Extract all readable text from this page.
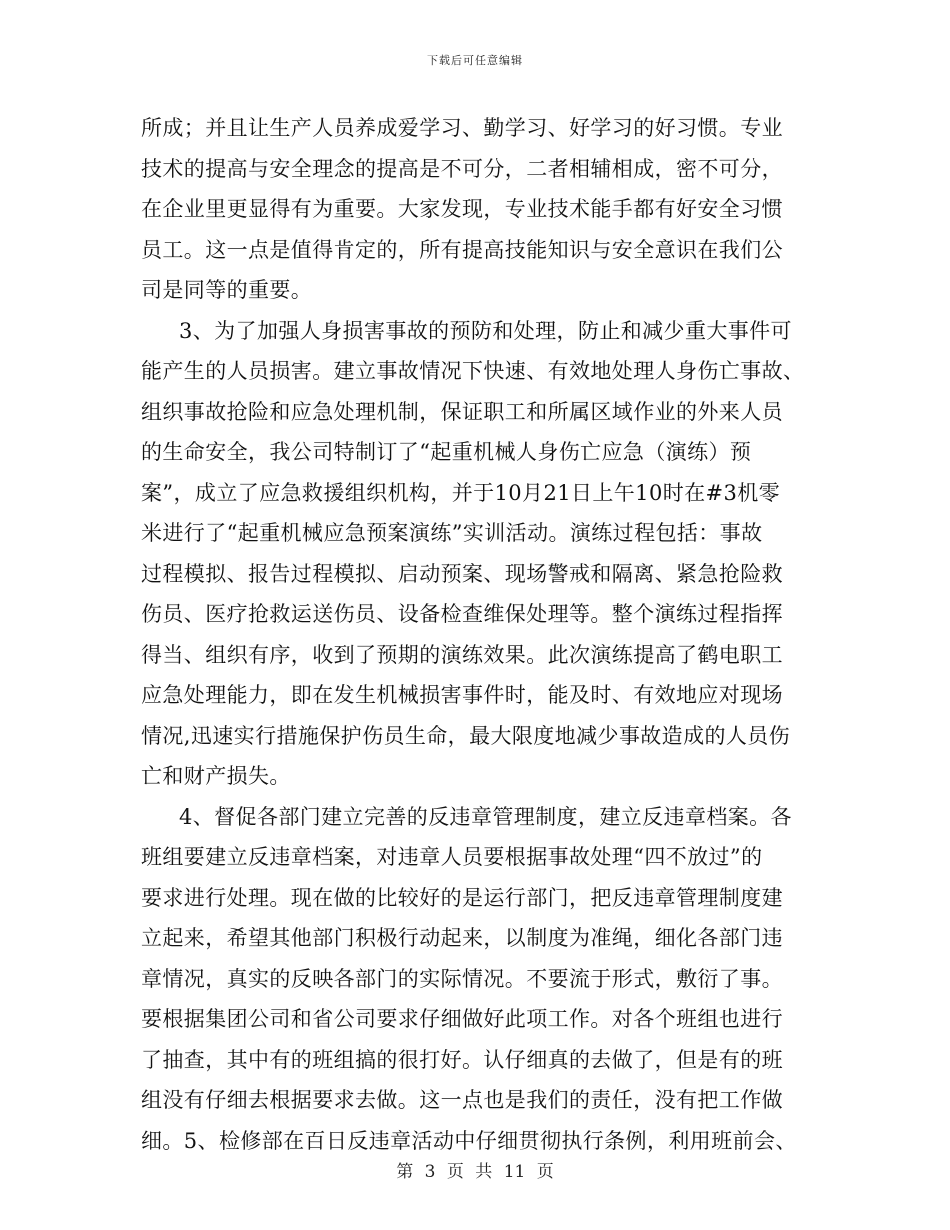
下载后可任意编辑
所成；并且让生产人员养成爱学习、勤学习、好学习的好习惯。专业
技术的提高与安全理念的提高是不可分，二者相辅相成，密不可分，
在企业里更显得有为重要。大家发现，专业技术能手都有好安全习惯
员工。这一点是值得肯定的，所有提高技能知识与安全意识在我们公
司是同等的重要。
3、为了加强人身损害事故的预防和处理，防止和减少重大事件可
能产生的人员损害。建立事故情况下快速、有效地处理人身伤亡事故、
组织事故抢险和应急处理机制，保证职工和所属区域作业的外来人员
的生命安全，我公司特制订了“起重机械人身伤亡应急（演练）预
案”，成立了应急救援组织机构，并于10月21日上午10时在#3机零
米进行了“起重机械应急预案演练”实训活动。演练过程包括：事故
过程模拟、报告过程模拟、启动预案、现场警戒和隔离、紧急抢险救
伤员、医疗抢救运送伤员、设备检查维保处理等。整个演练过程指挥
得当、组织有序，收到了预期的演练效果。此次演练提高了鹤电职工
应急处理能力，即在发生机械损害事件时，能及时、有效地应对现场
情况,迅速实行措施保护伤员生命，最大限度地减少事故造成的人员伤
亡和财产损失。
4、督促各部门建立完善的反违章管理制度，建立反违章档案。各
班组要建立反违章档案，对违章人员要根据事故处理“四不放过”的
要求进行处理。现在做的比较好的是运行部门，把反违章管理制度建
立起来，希望其他部门积极行动起来，以制度为准绳，细化各部门违
章情况，真实的反映各部门的实际情况。不要流于形式，敷衍了事。
要根据集团公司和省公司要求仔细做好此项工作。对各个班组也进行
了抽查，其中有的班组搞的很打好。认仔细真的去做了，但是有的班
组没有仔细去根据要求去做。这一点也是我们的责任，没有把工作做
细。5、检修部在百日反违章活动中仔细贯彻执行条例，利用班前会、
第 3 页 共 11 页
